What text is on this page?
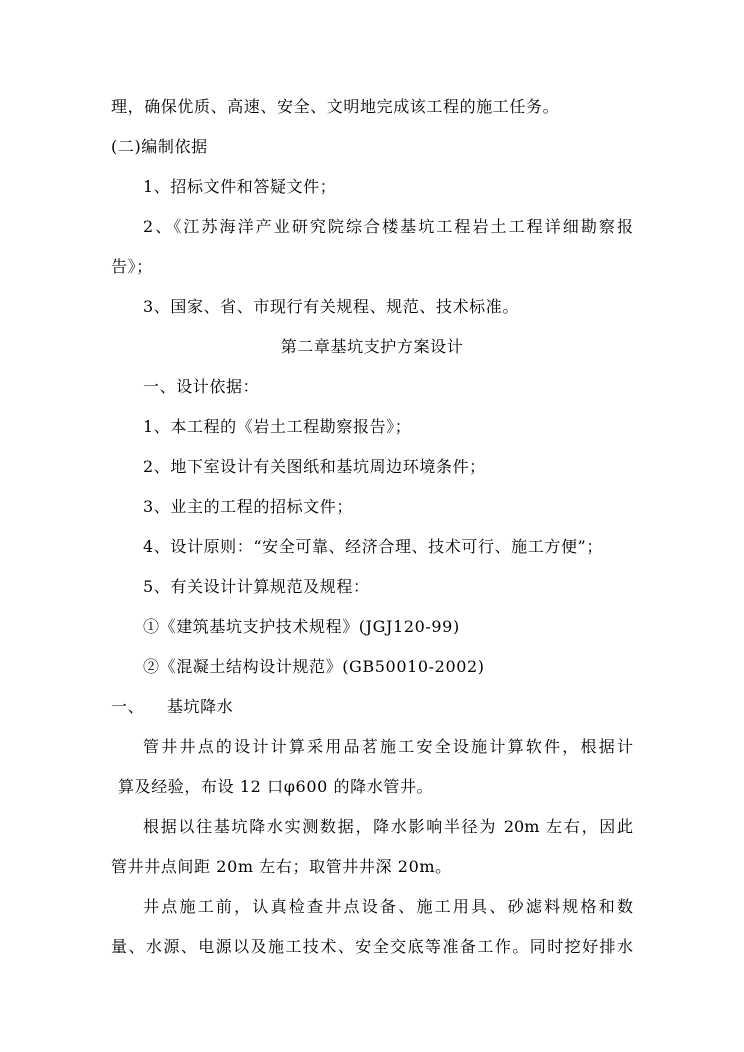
理，确保优质、高速、安全、文明地完成该工程的施工任务。
(二)编制依据
1、招标文件和答疑文件；
2、《江苏海洋产业研究院综合楼基坑工程岩土工程详细勘察报
告》；
3、国家、省、市现行有关规程、规范、技术标准。
第二章基坑支护方案设计
一、设计依据：
1、本工程的《岩土工程勘察报告》；
2、地下室设计有关图纸和基坑周边环境条件；
3、业主的工程的招标文件；
4、设计原则：“安全可靠、经济合理、技术可行、施工方便”；
5、有关设计计算规范及规程：
①《建筑基坑支护技术规程》(JGJ120-99)
②《混凝土结构设计规范》(GB50010-2002)
一、    基坑降水
管井井点的设计计算采用品茗施工安全设施计算软件，根据计
算及经验，布设 12 口φ600 的降水管井。
根据以往基坑降水实测数据，降水影响半径为 20m 左右，因此
管井井点间距 20m 左右；取管井井深 20m。
井点施工前，认真检查井点设备、施工用具、砂滤料规格和数
量、水源、电源以及施工技术、安全交底等准备工作。同时挖好排水
